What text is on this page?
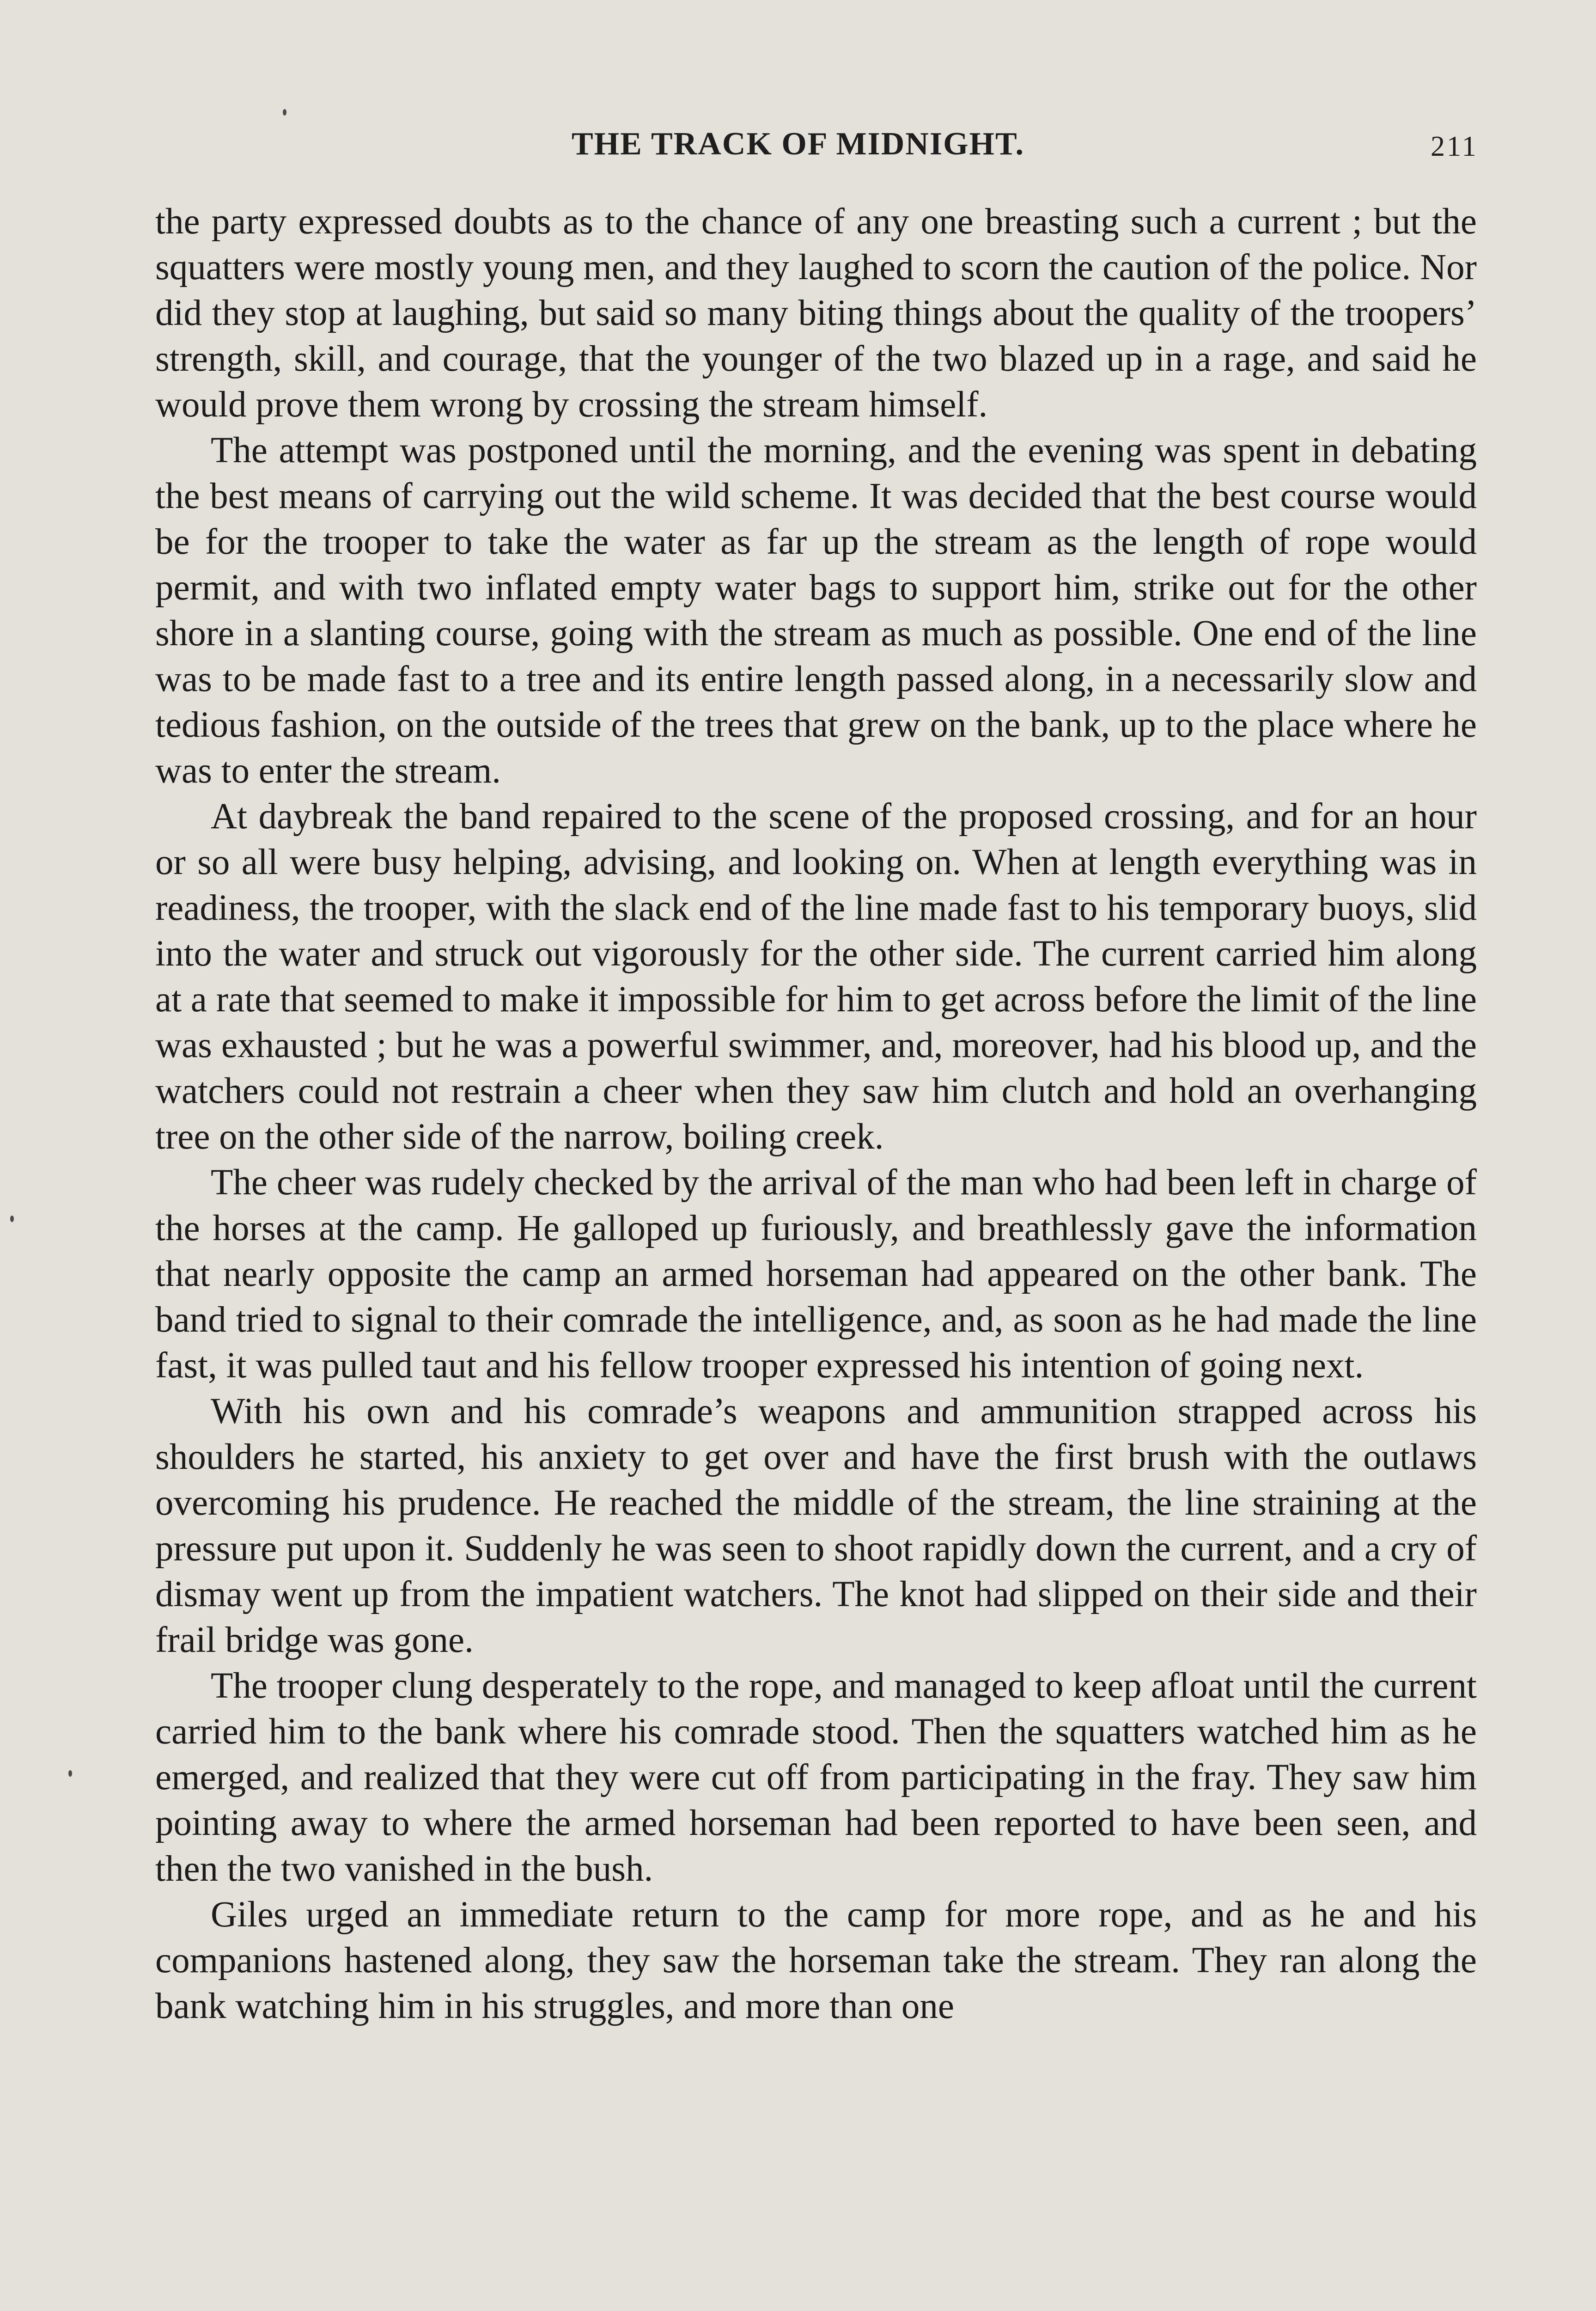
THE TRACK OF MIDNIGHT.	211

the party expressed doubts as to the chance of any one breasting such a current ; but the squatters were mostly young men, and they laughed to scorn the caution of the police. Nor did they stop at laughing, but said so many biting things about the quality of the troopers’ strength, skill, and courage, that the younger of the two blazed up in a rage, and said he would prove them wrong by crossing the stream himself.

The attempt was postponed until the morning, and the evening was spent in debating the best means of carrying out the wild scheme. It was decided that the best course would be for the trooper to take the water as far up the stream as the length of rope would permit, and with two inflated empty water bags to support him, strike out for the other shore in a slanting course, going with the stream as much as possible. One end of the line was to be made fast to a tree and its entire length passed along, in a necessarily slow and tedious fashion, on the outside of the trees that grew on the bank, up to the place where he was to enter the stream.

At daybreak the band repaired to the scene of the proposed crossing, and for an hour or so all were busy helping, advising, and looking on. When at length everything was in readiness, the trooper, with the slack end of the line made fast to his temporary buoys, slid into the water and struck out vigorously for the other side. The current carried him along at a rate that seemed to make it impossible for him to get across before the limit of the line was exhausted ; but he was a powerful swimmer, and, moreover, had his blood up, and the watchers could not restrain a cheer when they saw him clutch and hold an overhanging tree on the other side of the narrow, boiling creek.

The cheer was rudely checked by the arrival of the man who had been left in charge of the horses at the camp. He galloped up furiously, and breathlessly gave the information that nearly opposite the camp an armed horseman had appeared on the other bank. The band tried to signal to their comrade the intelligence, and, as soon as he had made the line fast, it was pulled taut and his fellow trooper expressed his intention of going next.

With his own and his comrade’s weapons and ammunition strapped across his shoulders he started, his anxiety to get over and have the first brush with the outlaws overcoming his prudence. He reached the middle of the stream, the line straining at the pressure put upon it. Suddenly he was seen to shoot rapidly down the current, and a cry of dismay went up from the impatient watchers. The knot had slipped on their side and their frail bridge was gone.

The trooper clung desperately to the rope, and managed to keep afloat until the current carried him to the bank where his comrade stood. Then the squatters watched him as he emerged, and realized that they were cut off from participating in the fray. They saw him pointing away to where the armed horseman had been reported to have been seen, and then the two vanished in the bush.

Giles urged an immediate return to the camp for more rope, and as he and his companions hastened along, they saw the horseman take the stream. They ran along the bank watching him in his struggles, and more than one
